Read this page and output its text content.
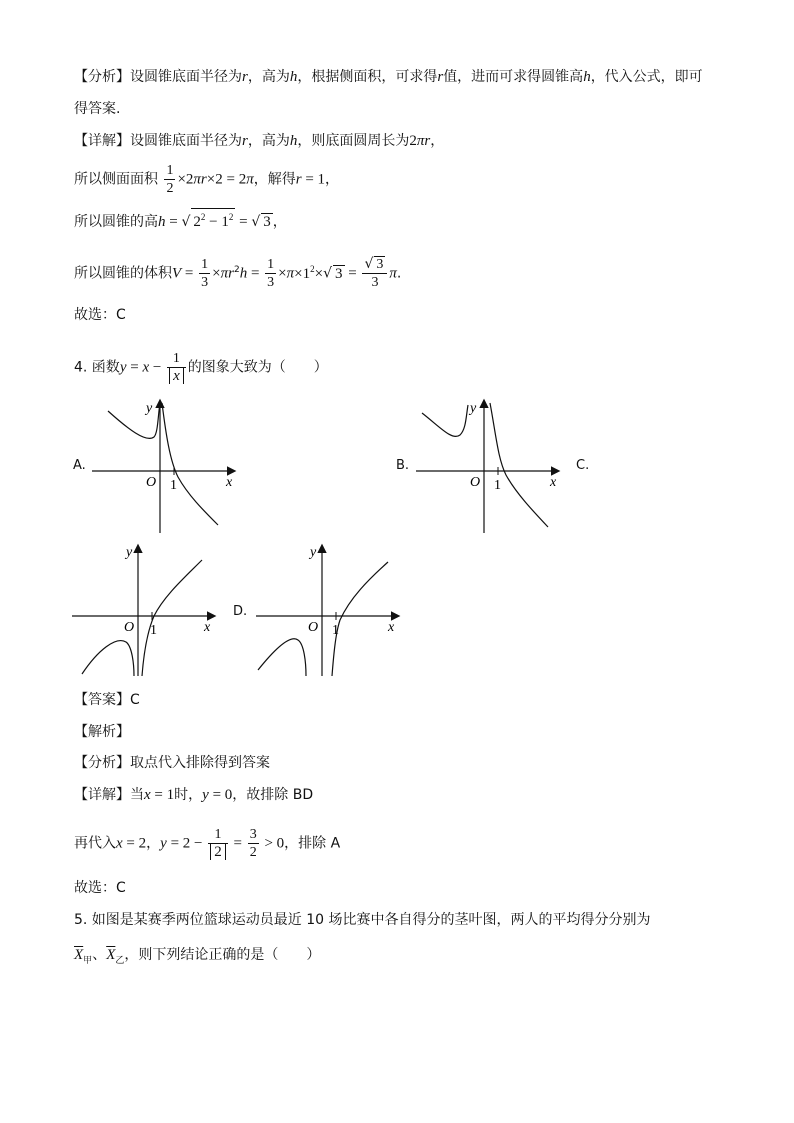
【分析】设圆锥底面半径为r，高为h，根据侧面积，可求得r值，进而可求得圆锥高h，代入公式，即可
得答案.
【详解】设圆锥底面半径为r，高为h，则底面圆周长为2πr，
所以侧面面积 $\frac{1}{2} \times 2\pi r\times 2 = 2\pi$，解得r = 1，
所以圆锥的高h = √ $2^2 - 1^2$ = √ 3 ，
所以圆锥的体积$V = \frac{1}{3} \times\pi r^2h = \frac{1}{3} \times\pi\times 1^2\times√$ $3 = \frac{√ 3}{3} \pi$.
故选：C
4. 函数$y = x - \frac{1}{x}$ 的图象大致为（　　）
A.	B.	C.
D.
y
x
O 1
y
x
O 1
y
x
O 1
y
x
O 1
【答案】C
【解析】
【分析】取点代入排除得到答案
【详解】当x = 1时，y = 0，故排除 BD
再代入x = 2，$y = 2 - \frac{1}{2} = \frac{3}{2} > 0$，排除 A
故选：C
5. 如图是某赛季两位篮球运动员最近 10 场比赛中各自得分的茎叶图，两人的平均得分分别为
$\overline{X}_甲$、$\overline{X}_乙$，则下列结论正确的是（　　）
